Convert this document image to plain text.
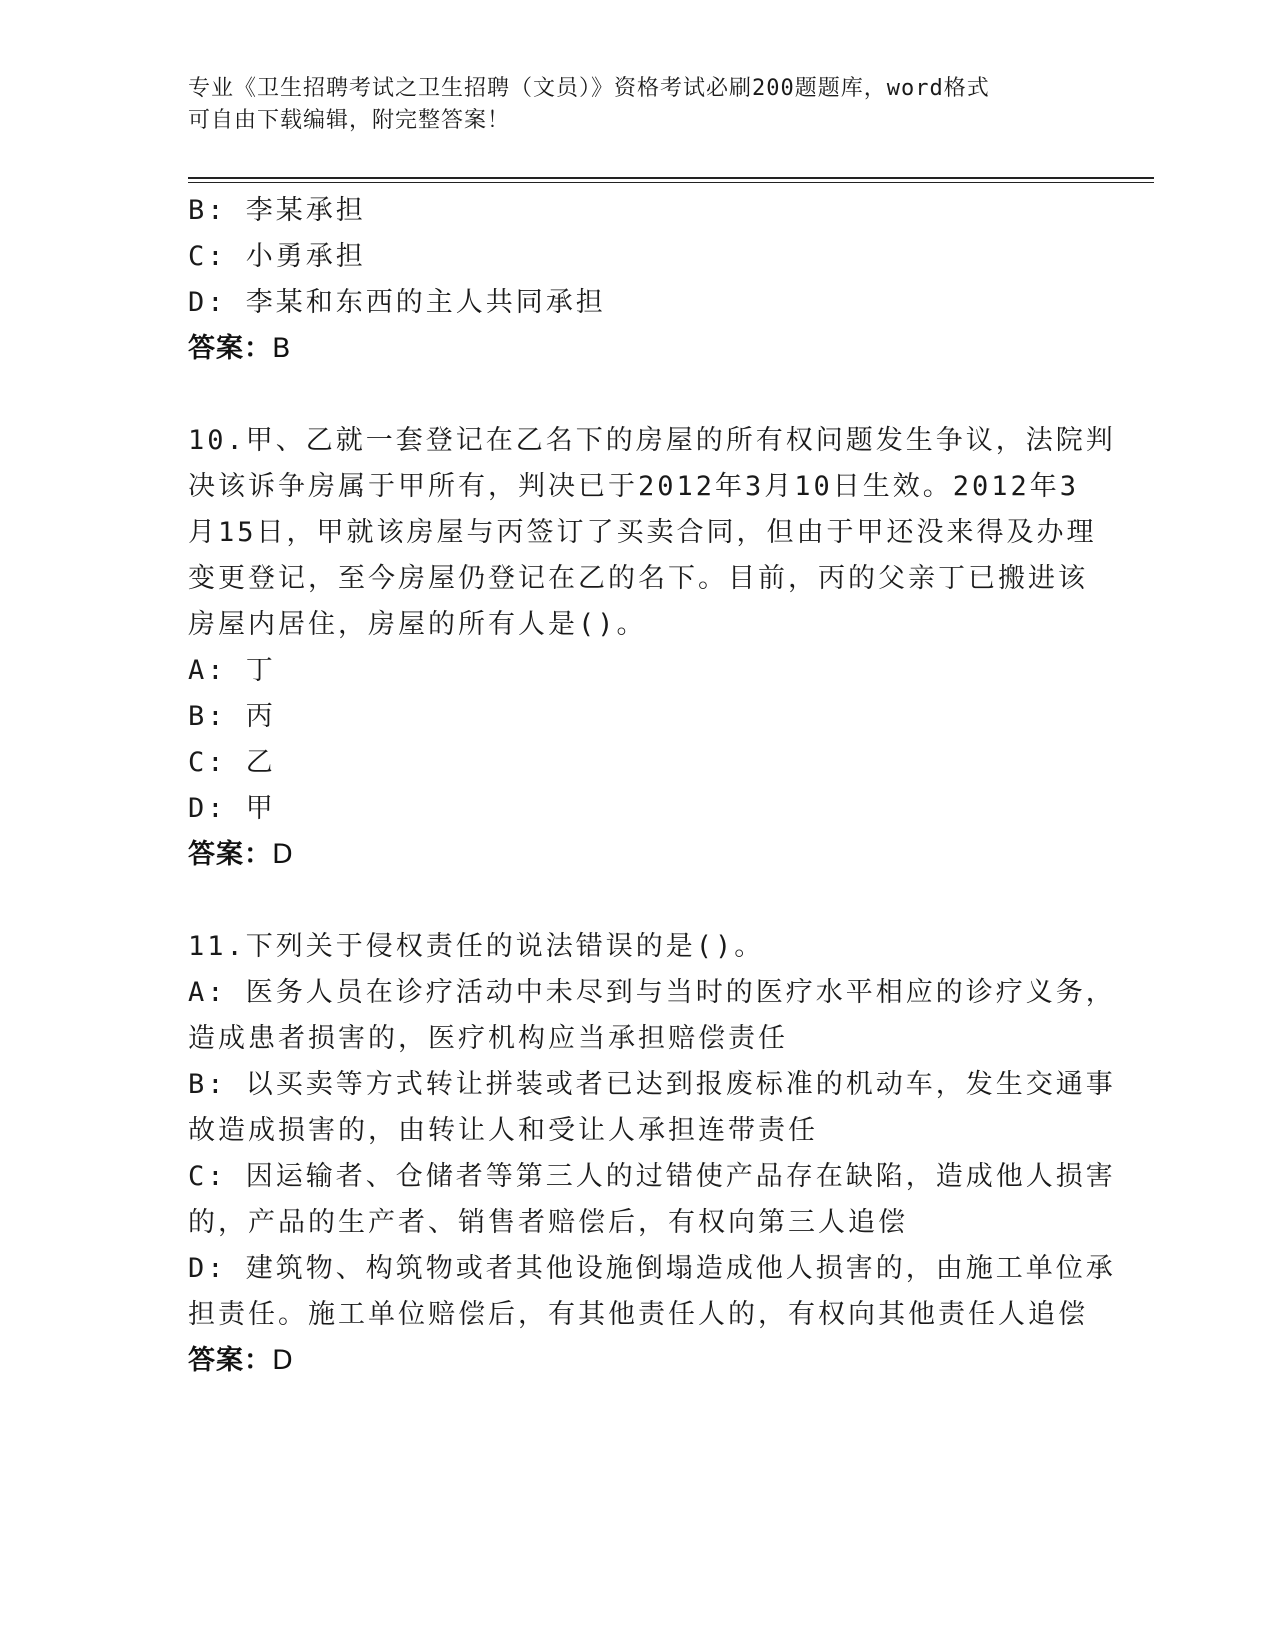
专业《卫生招聘考试之卫生招聘（文员）》资格考试必刷200题题库，word格式
可自由下载编辑，附完整答案！
B: 李某承担
C: 小勇承担
D: 李某和东西的主人共同承担
答案：B
10.甲、乙就一套登记在乙名下的房屋的所有权问题发生争议，法院判
决该诉争房属于甲所有，判决已于2012年3月10日生效。2012年3
月15日，甲就该房屋与丙签订了买卖合同，但由于甲还没来得及办理
变更登记，至今房屋仍登记在乙的名下。目前，丙的父亲丁已搬进该
房屋内居住，房屋的所有人是()。
A: 丁
B: 丙
C: 乙
D: 甲
答案：D
11.下列关于侵权责任的说法错误的是()。
A: 医务人员在诊疗活动中未尽到与当时的医疗水平相应的诊疗义务，
造成患者损害的，医疗机构应当承担赔偿责任
B: 以买卖等方式转让拼装或者已达到报废标准的机动车，发生交通事
故造成损害的，由转让人和受让人承担连带责任
C: 因运输者、仓储者等第三人的过错使产品存在缺陷，造成他人损害
的，产品的生产者、销售者赔偿后，有权向第三人追偿
D: 建筑物、构筑物或者其他设施倒塌造成他人损害的，由施工单位承
担责任。施工单位赔偿后，有其他责任人的，有权向其他责任人追偿
答案：D
